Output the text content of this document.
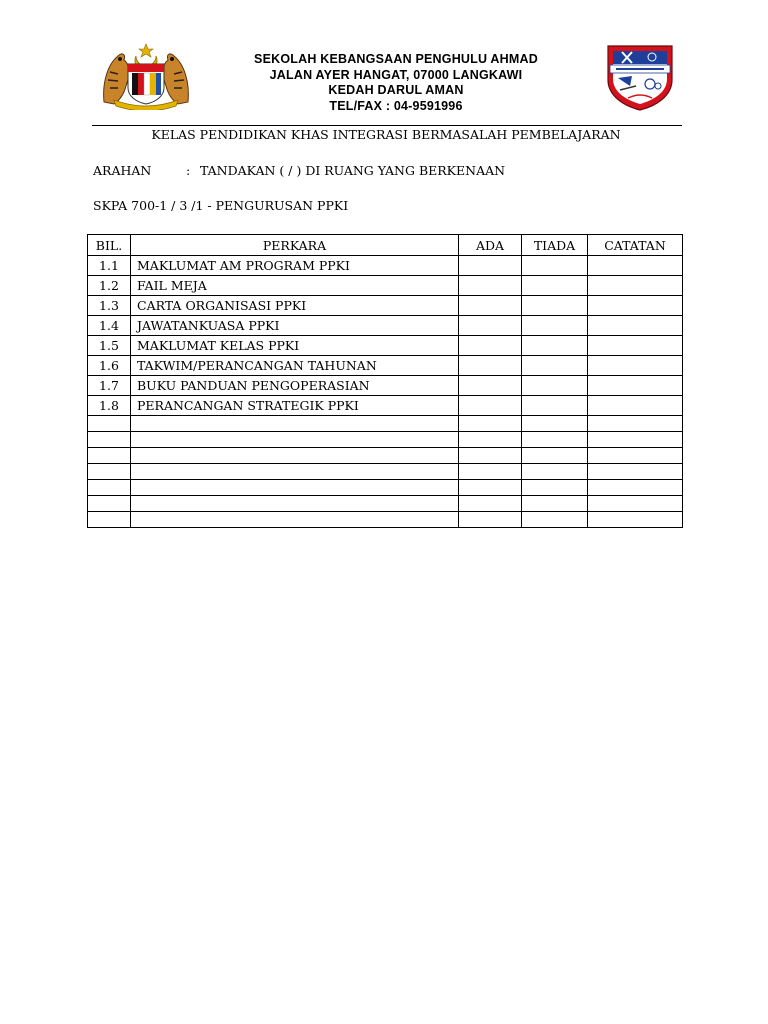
SEKOLAH KEBANGSAAN PENGHULU AHMAD
JALAN AYER HANGAT, 07000 LANGKAWI
KEDAH DARUL AMAN
TEL/FAX : 04-9591996
KELAS PENDIDIKAN KHAS INTEGRASI BERMASALAH PEMBELAJARAN
ARAHAN	: TANDAKAN ( / ) DI RUANG YANG BERKENAAN
SKPA 700-1 / 3 /1 - PENGURUSAN PPKI
BIL.	PERKARA	ADA	TIADA	CATATAN
1.1	MAKLUMAT AM PROGRAM PPKI			
1.2	FAIL MEJA			
1.3	CARTA ORGANISASI PPKI			
1.4	JAWATANKUASA PPKI			
1.5	MAKLUMAT KELAS PPKI			
1.6	TAKWIM/PERANCANGAN TAHUNAN			
1.7	BUKU PANDUAN PENGOPERASIAN			
1.8	PERANCANGAN STRATEGIK PPKI			
